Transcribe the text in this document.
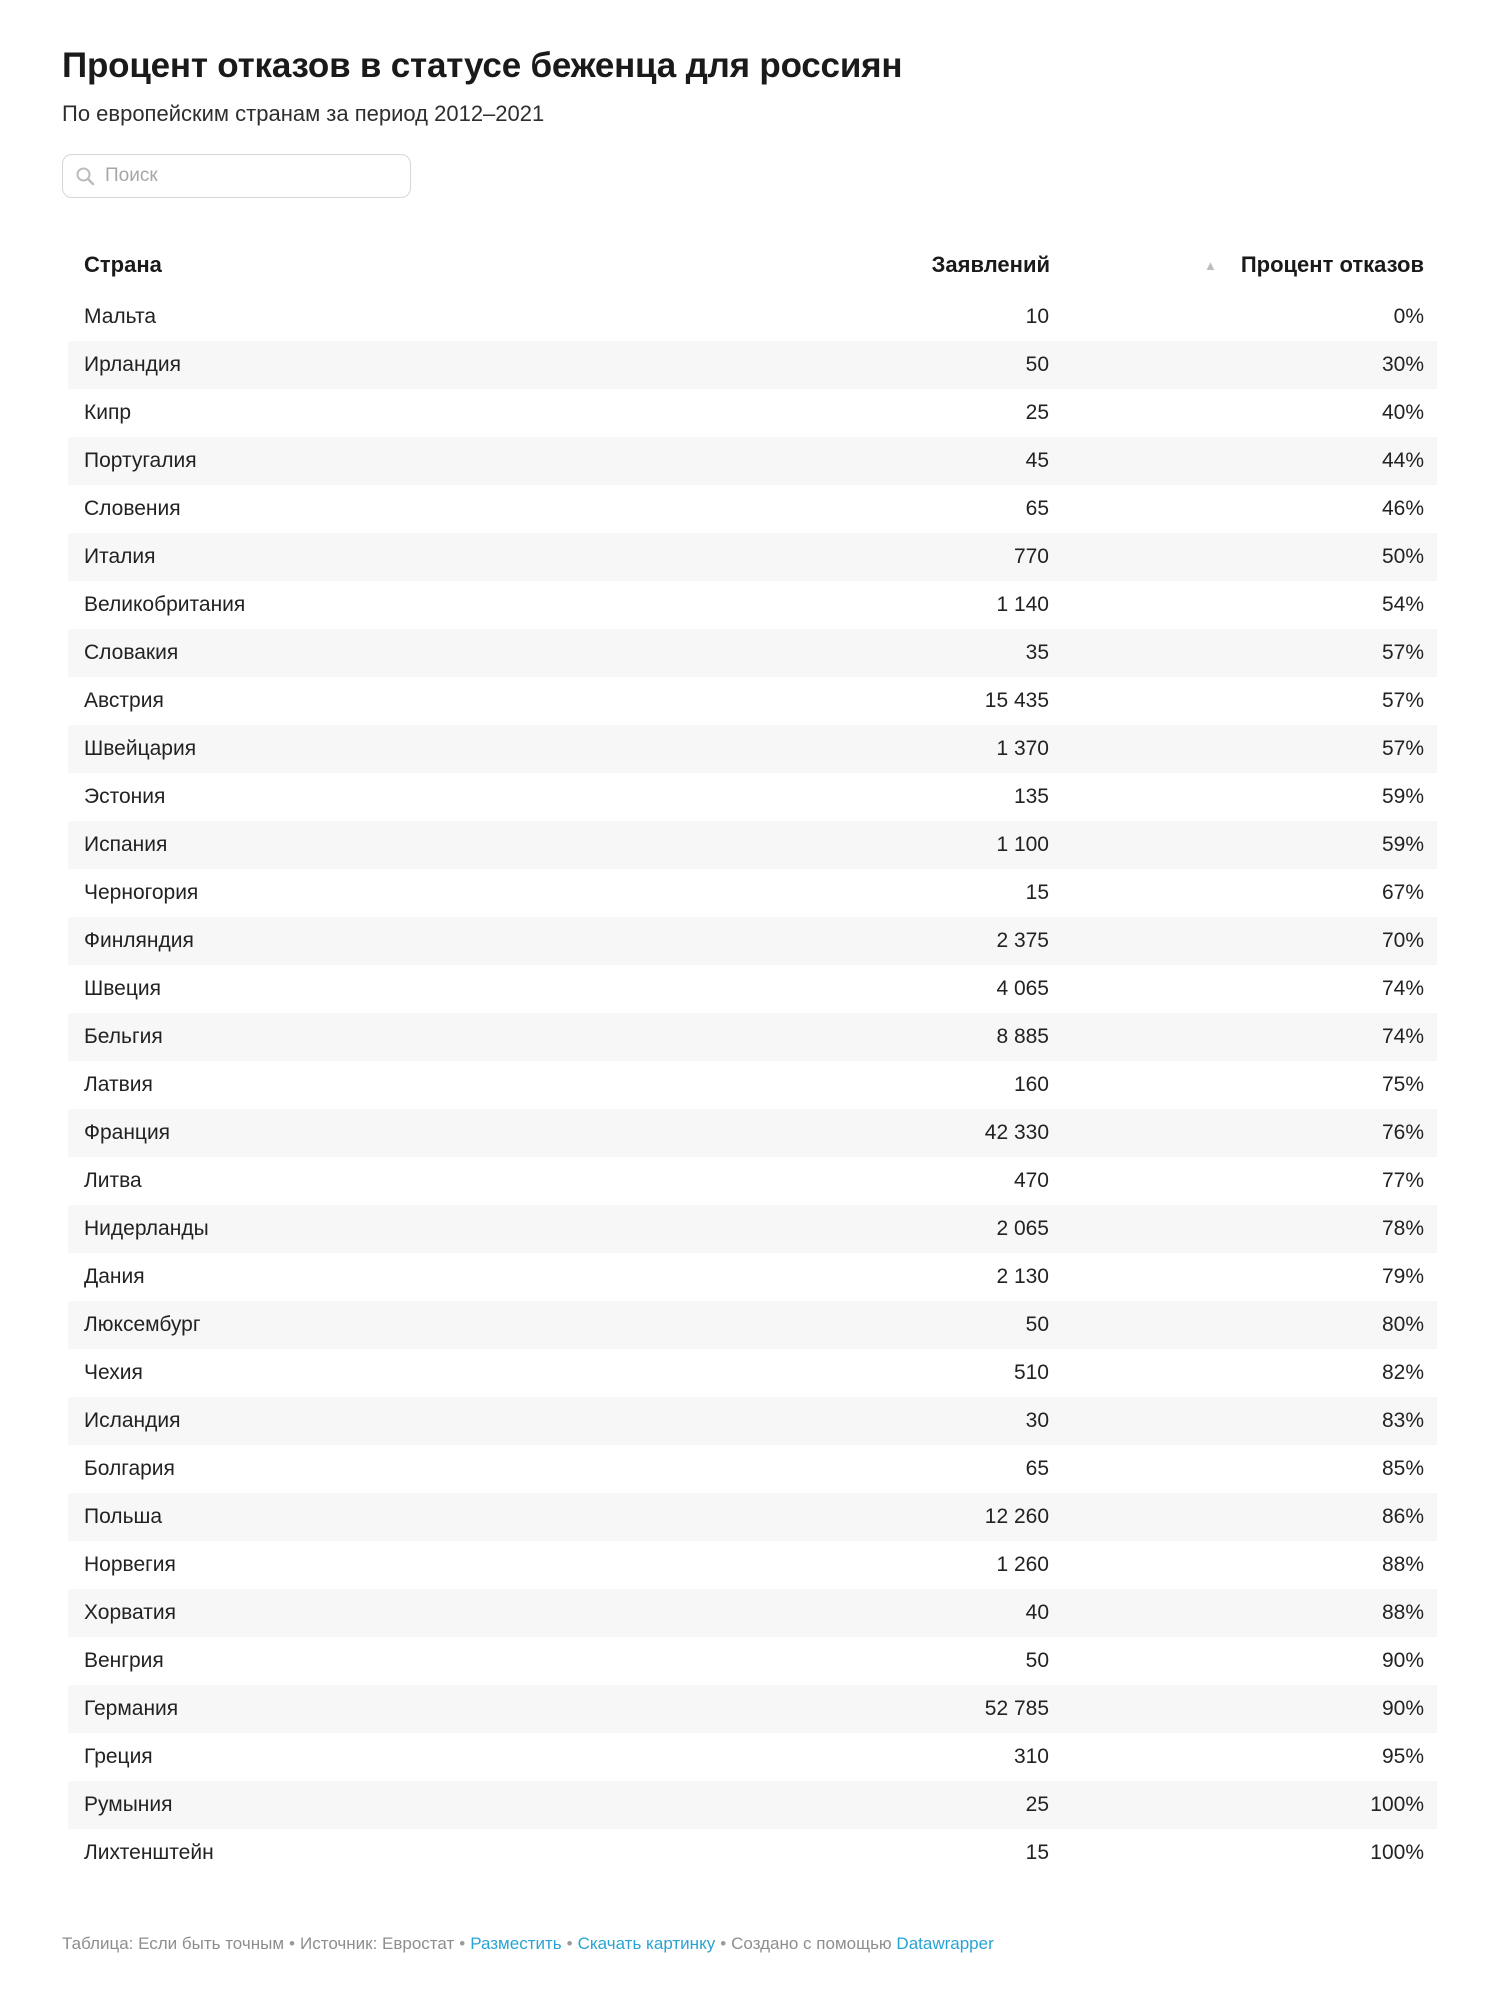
Процент отказов в статусе беженца для россиян
По европейским странам за период 2012–2021
Поиск
Страна	Заявлений	▲ Процент отказов
Мальта	10	0%
Ирландия	50	30%
Кипр	25	40%
Португалия	45	44%
Словения	65	46%
Италия	770	50%
Великобритания	1 140	54%
Словакия	35	57%
Австрия	15 435	57%
Швейцария	1 370	57%
Эстония	135	59%
Испания	1 100	59%
Черногория	15	67%
Финляндия	2 375	70%
Швеция	4 065	74%
Бельгия	8 885	74%
Латвия	160	75%
Франция	42 330	76%
Литва	470	77%
Нидерланды	2 065	78%
Дания	2 130	79%
Люксембург	50	80%
Чехия	510	82%
Исландия	30	83%
Болгария	65	85%
Польша	12 260	86%
Норвегия	1 260	88%
Хорватия	40	88%
Венгрия	50	90%
Германия	52 785	90%
Греция	310	95%
Румыния	25	100%
Лихтенштейн	15	100%
Таблица: Если быть точным • Источник: Евростат • Разместить • Скачать картинку • Создано с помощью Datawrapper
